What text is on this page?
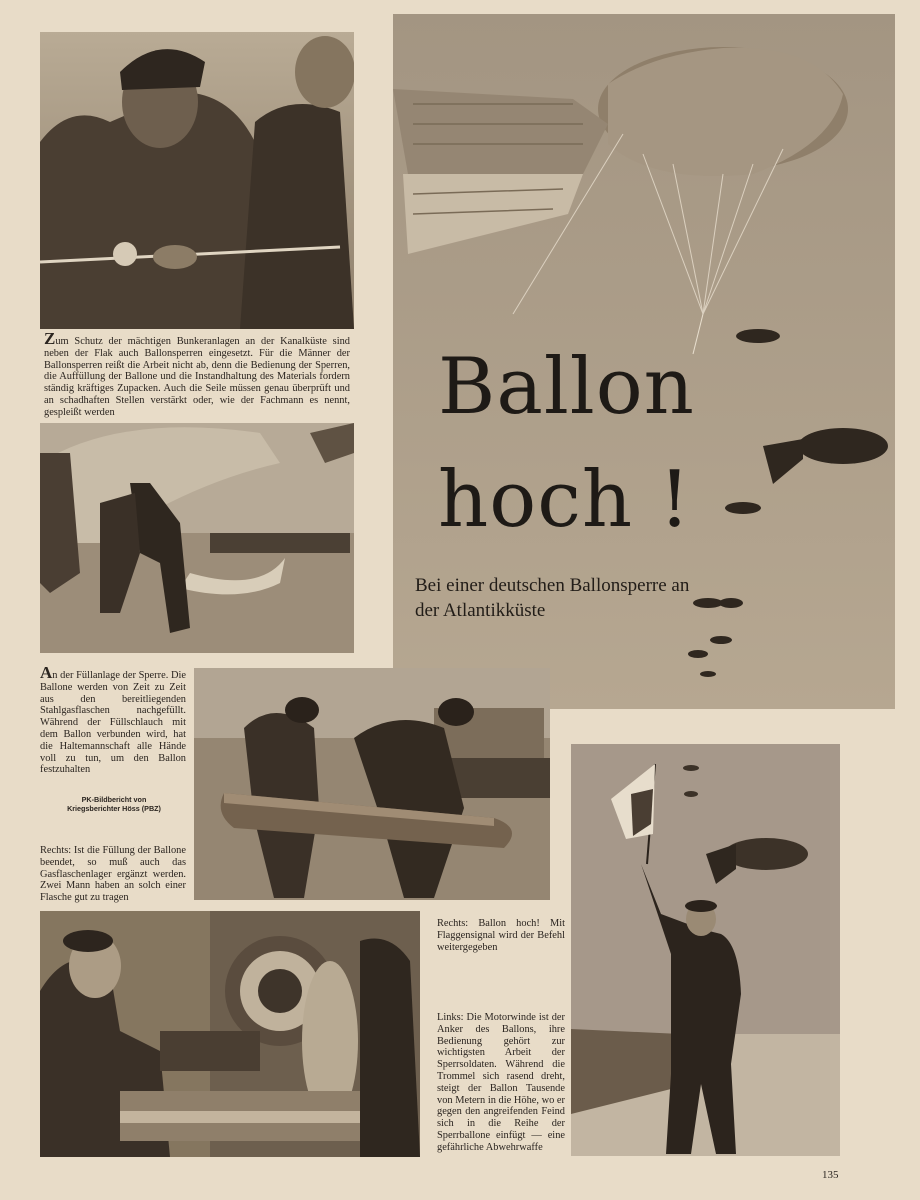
Zum Schutz der mächtigen Bunkeranlagen an der Kanalküste sind neben der Flak auch Ballonsperren eingesetzt. Für die Männer der Ballonsperren reißt die Arbeit nicht ab, denn die Bedienung der Sperren, die Auffüllung der Ballone und die Instandhaltung des Materials fordern ständig kräftiges Zupacken. Auch die Seile müssen genau überprüft und an schadhaften Stellen verstärkt oder, wie der Fachmann es nennt, gespleißt werden	Ballon
hoch !
Bei einer deutschen Ballonsperre an der Atlantikküste
An der Füllanlage der Sperre. Die Ballone werden von Zeit zu Zeit aus den bereitliegenden Stahlgasflaschen nachgefüllt. Während der Füllschlauch mit dem Ballon verbunden wird, hat die Haltemannschaft alle Hände voll zu tun, um den Ballon festzuhalten
PK-Bildbericht von Kriegsberichter Höss (PBZ)
Rechts: Ist die Füllung der Ballone beendet, so muß auch das Gasflaschenlager ergänzt werden. Zwei Mann haben an solch einer Flasche gut zu tragen
Rechts: Ballon hoch! Mit Flaggensignal wird der Befehl weitergegeben
Links: Die Motorwinde ist der Anker des Ballons, ihre Bedienung gehört zur wichtigsten Arbeit der Sperrsoldaten. Während die Trommel sich rasend dreht, steigt der Ballon Tausende von Metern in die Höhe, wo er gegen den angreifenden Feind sich in die Reihe der Sperrballone einfügt — eine gefährliche Abwehrwaffe
135
